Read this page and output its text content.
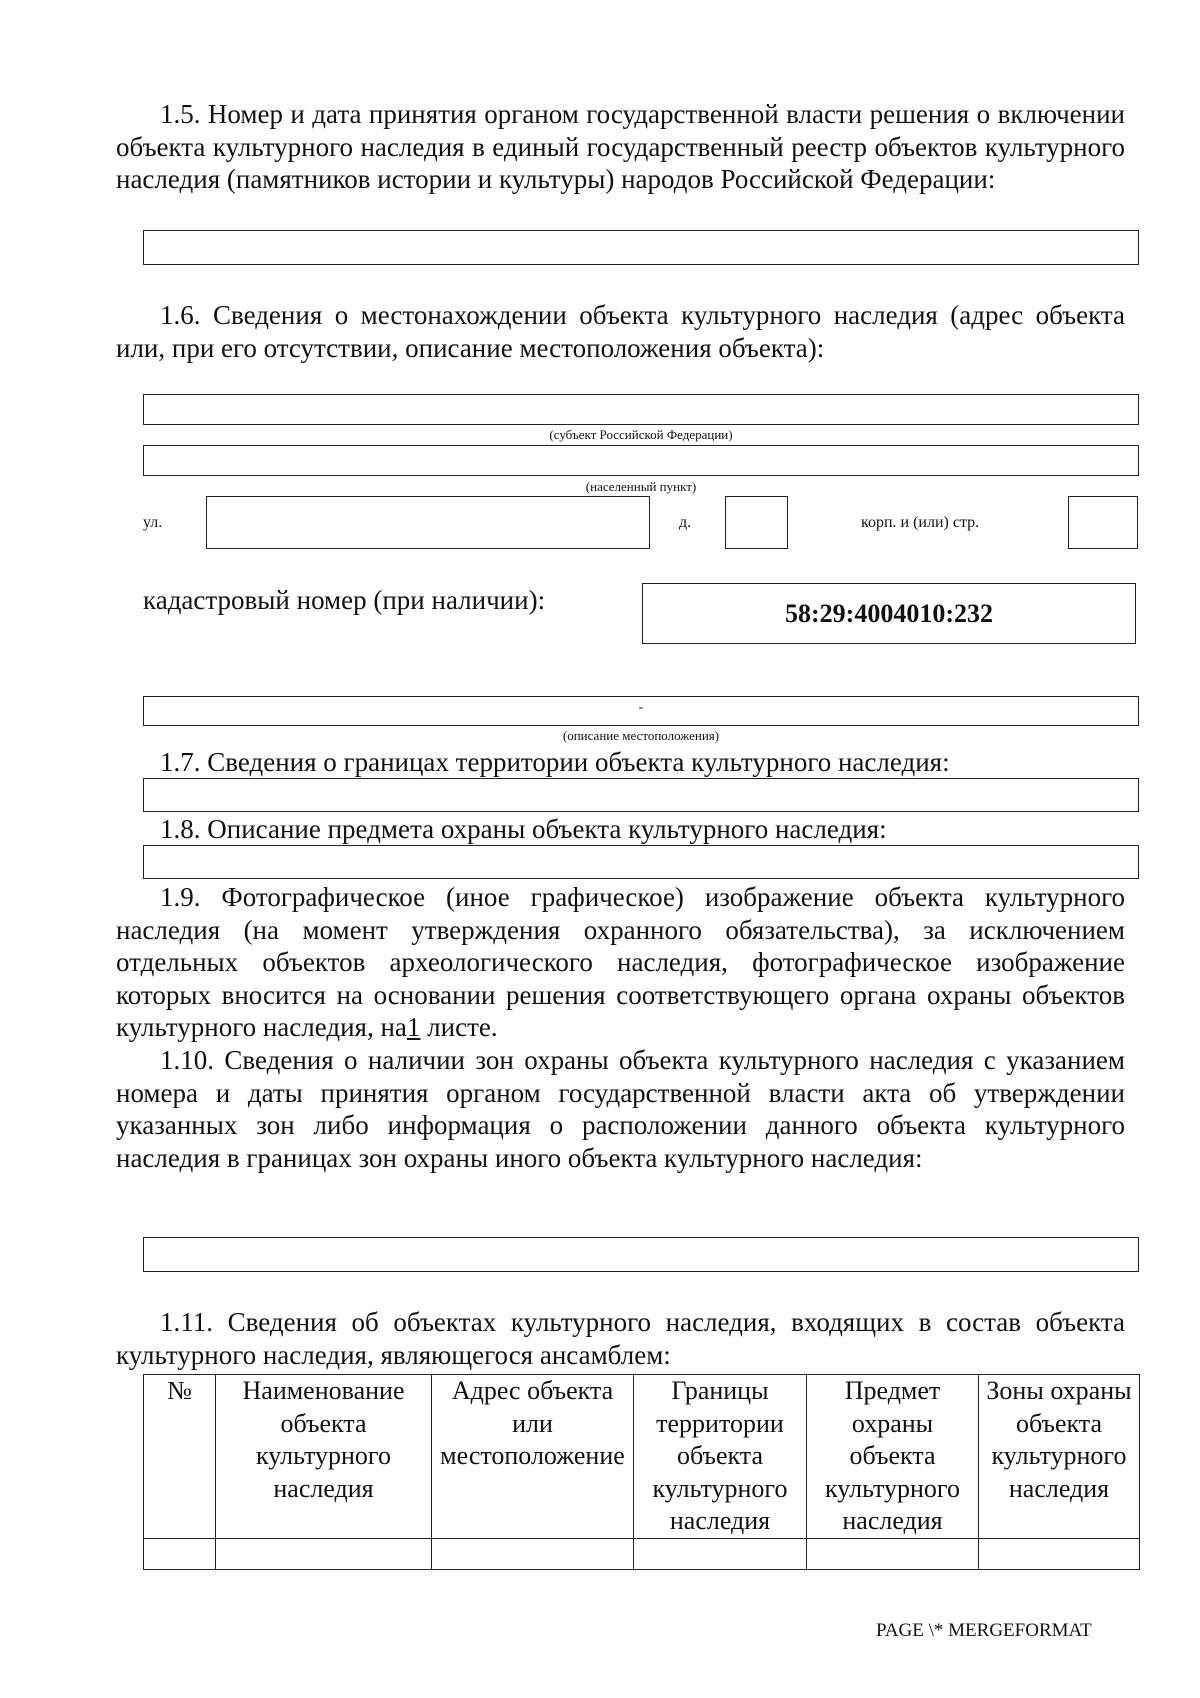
1.5. Номер и дата принятия органом государственной власти решения о включении объекта культурного наследия в единый государственный реестр объектов культурного наследия (памятников истории и культуры) народов Российской Федерации:

1.6. Сведения о местонахождении объекта культурного наследия (адрес объекта или, при его отсутствии, описание местоположения объекта):

(субъект Российской Федерации)
(населенный пункт)
ул.	д.	корп. и (или) стр.
кадастровый номер (при наличии):	58:29:4004010:232
-
(описание местоположения)
1.7. Сведения о границах территории объекта культурного наследия:
1.8. Описание предмета охраны объекта культурного наследия:

1.9. Фотографическое (иное графическое) изображение объекта культурного наследия (на момент утверждения охранного обязательства), за исключением отдельных объектов археологического наследия, фотографическое изображение которых вносится на основании решения соответствующего органа охраны объектов культурного наследия, на1 листе.

1.10. Сведения о наличии зон охраны объекта культурного наследия с указанием номера и даты принятия органом государственной власти акта об утверждении указанных зон либо информация о расположении данного объекта культурного наследия в границах зон охраны иного объекта культурного наследия:

1.11. Сведения об объектах культурного наследия, входящих в состав объекта культурного наследия, являющегося ансамблем:

№	Наименование объекта культурного наследия	Адрес объекта или местоположение	Границы территории объекта культурного наследия	Предмет охраны объекта культурного наследия	Зоны охраны объекта культурного наследия

PAGE \* MERGEFORMAT
